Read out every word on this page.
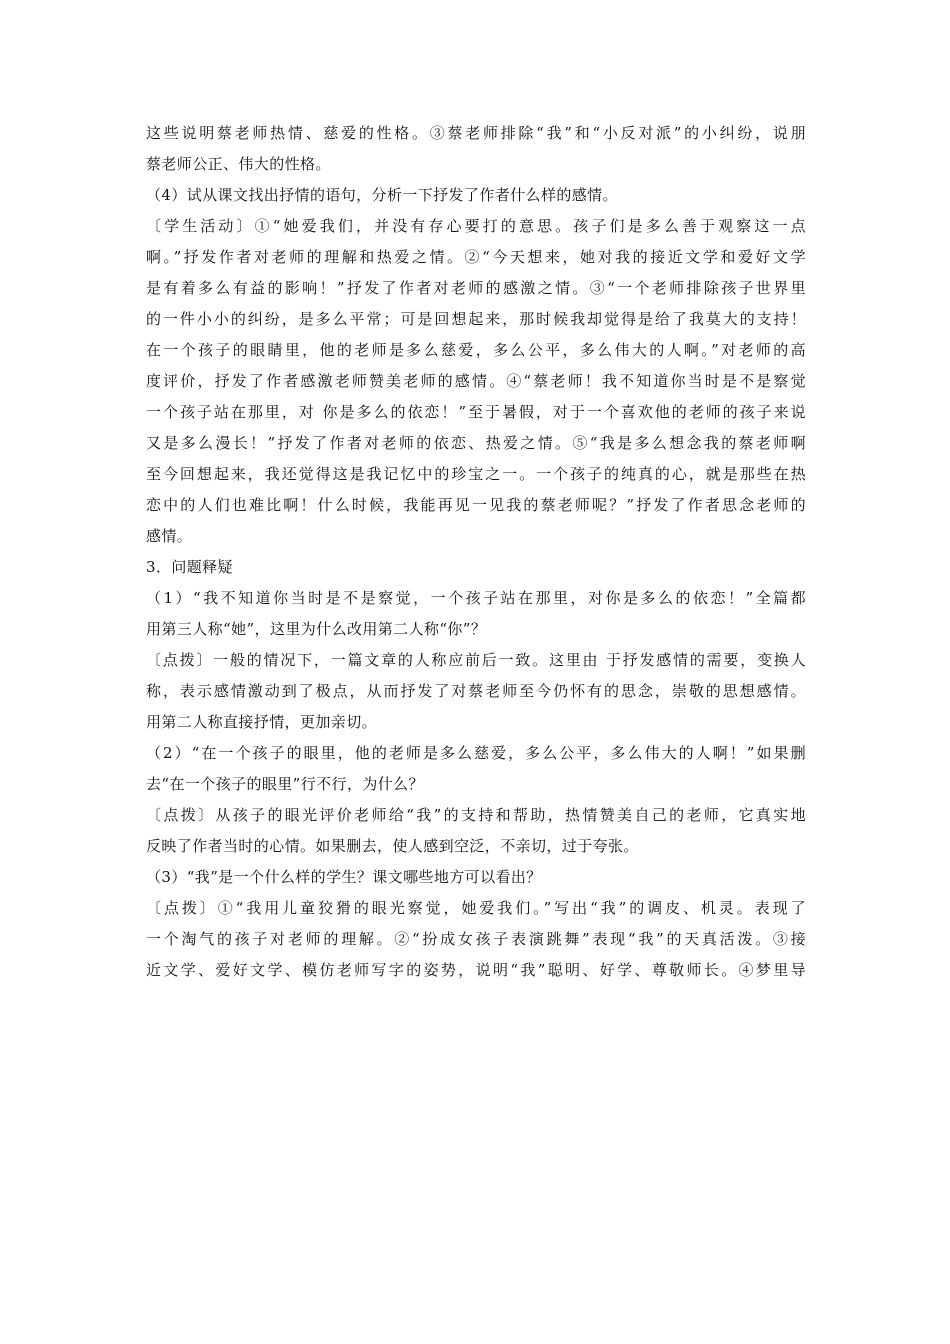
这些说明蔡老师热情、慈爱的性格。③蔡老师排除“我”和“小反对派”的小纠纷，说朋
蔡老师公正、伟大的性格。
（4）试从课文找出抒情的语句，分析一下抒发了作者什么样的感情。
〔学生活动〕①“她爱我们，并没有存心要打的意思。孩子们是多么善于观察这一点
啊。”抒发作者对老师的理解和热爱之情。②“今天想来，她对我的接近文学和爱好文学
是有着多么有益的影响！”抒发了作者对老师的感激之情。③“一个老师排除孩子世界里
的一件小小的纠纷，是多么平常；可是回想起来，那时候我却觉得是给了我莫大的支持！
在一个孩子的眼睛里，他的老师是多么慈爱，多么公平，多么伟大的人啊。”对老师的高
度评价，抒发了作者感激老师赞美老师的感情。④“蔡老师！我不知道你当时是不是察觉
一个孩子站在那里，对 你是多么的依恋！”至于暑假，对于一个喜欢他的老师的孩子来说
又是多么漫长！”抒发了作者对老师的依恋、热爱之情。⑤“我是多么想念我的蔡老师啊
至今回想起来，我还觉得这是我记忆中的珍宝之一。一个孩子的纯真的心，就是那些在热
恋中的人们也难比啊！什么时候，我能再见一见我的蔡老师呢？”抒发了作者思念老师的
感情。
3．问题释疑
（1）“我不知道你当时是不是察觉，一个孩子站在那里，对你是多么的依恋！”全篇都
用第三人称“她”，这里为什么改用第二人称“你”？
〔点拨〕一般的情况下，一篇文章的人称应前后一致。这里由 于抒发感情的需要，变换人
称，表示感情激动到了极点，从而抒发了对蔡老师至今仍怀有的思念，崇敬的思想感情。
用第二人称直接抒情，更加亲切。
（2）“在一个孩子的眼里，他的老师是多么慈爱，多么公平，多么伟大的人啊！”如果删
去“在一个孩子的眼里”行不行，为什么？
〔点拨〕从孩子的眼光评价老师给“我”的支持和帮助，热情赞美自己的老师，它真实地
反映了作者当时的心情。如果删去，使人感到空泛，不亲切，过于夸张。
（3）“我”是一个什么样的学生？课文哪些地方可以看出？
〔点拨〕①“我用儿童狡猾的眼光察觉，她爱我们。”写出“我”的调皮、机灵。表现了
一个淘气的孩子对老师的理解。②“扮成女孩子表演跳舞”表现“我”的天真活泼。③接
近文学、爱好文学、模仿老师写字的姿势，说明“我”聪明、好学、尊敬师长。④梦里导
